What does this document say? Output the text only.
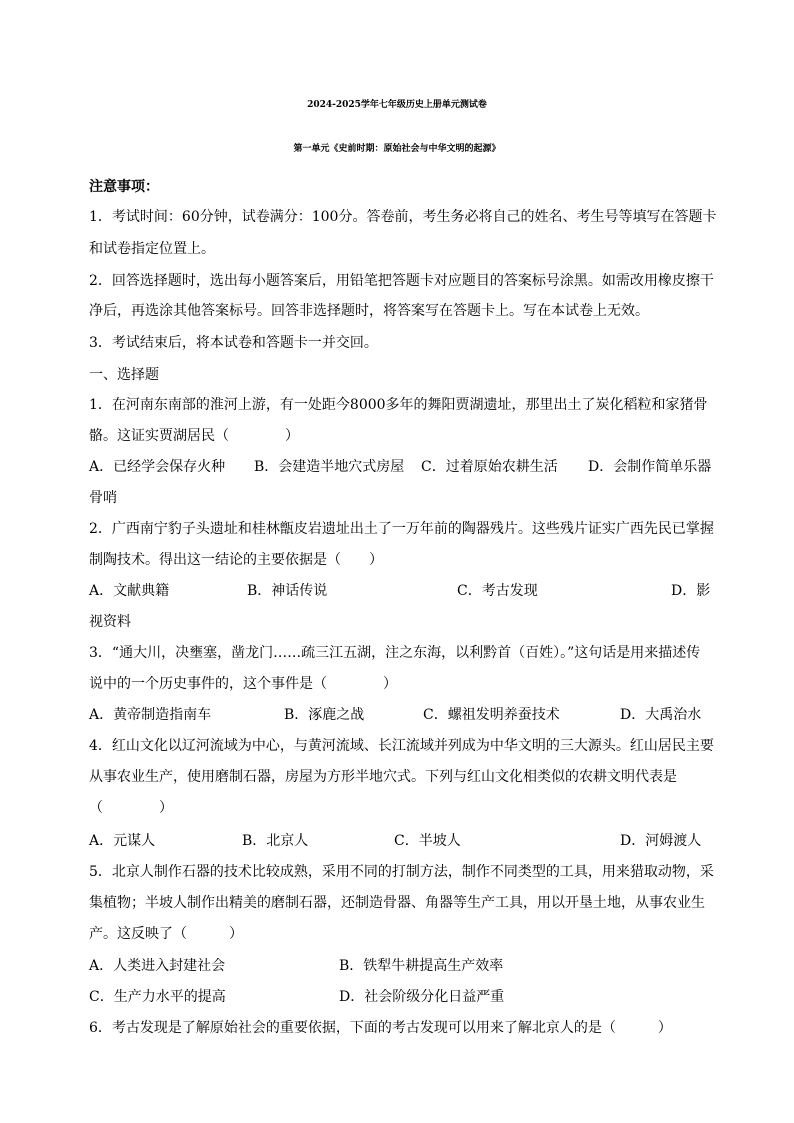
2024-2025学年七年级历史上册单元测试卷
第一单元《史前时期：原始社会与中华文明的起源》
注意事项：
1．考试时间：60分钟，试卷满分：100分。答卷前，考生务必将自己的姓名、考生号等填写在答题卡
和试卷指定位置上。
2．回答选择题时，选出每小题答案后，用铅笔把答题卡对应题目的答案标号涂黑。如需改用橡皮擦干
净后，再选涂其他答案标号。回答非选择题时，将答案写在答题卡上。写在本试卷上无效。
3．考试结束后，将本试卷和答题卡一并交回。
一、选择题
1．在河南东南部的淮河上游，有一处距今8000多年的舞阳贾湖遗址，那里出土了炭化稻粒和家猪骨
骼。这证实贾湖居民（　　　　）
A．已经学会保存火种 B．会建造半地穴式房屋 C．过着原始农耕生活 D．会制作简单乐器
骨哨
2．广西南宁豹子头遗址和桂林甑皮岩遗址出土了一万年前的陶器残片。这些残片证实广西先民已掌握
制陶技术。得出这一结论的主要依据是（　　）
A．文献典籍	B．神话传说	C．考古发现	D．影
视资料
3．“通大川，决壅塞，凿龙门……疏三江五湖，注之东海，以利黔首（百姓）。”这句话是用来描述传
说中的一个历史事件的，这个事件是（　　　　）
A．黄帝制造指南车	B．涿鹿之战	C．螺祖发明养蚕技术	D．大禹治水
4．红山文化以辽河流域为中心，与黄河流域、长江流域并列成为中华文明的三大源头。红山居民主要
从事农业生产，使用磨制石器，房屋为方形半地穴式。下列与红山文化相类似的农耕文明代表是
（　　　　）
A．元谋人	B．北京人	C．半坡人	D．河姆渡人
5．北京人制作石器的技术比较成熟，采用不同的打制方法，制作不同类型的工具，用来猎取动物，采
集植物；半坡人制作出精美的磨制石器，还制造骨器、角器等生产工具，用以开垦土地，从事农业生
产。这反映了（　　　）
A．人类进入封建社会	B．铁犁牛耕提高生产效率
C．生产力水平的提高	D．社会阶级分化日益严重
6．考古发现是了解原始社会的重要依据，下面的考古发现可以用来了解北京人的是（　　　）
